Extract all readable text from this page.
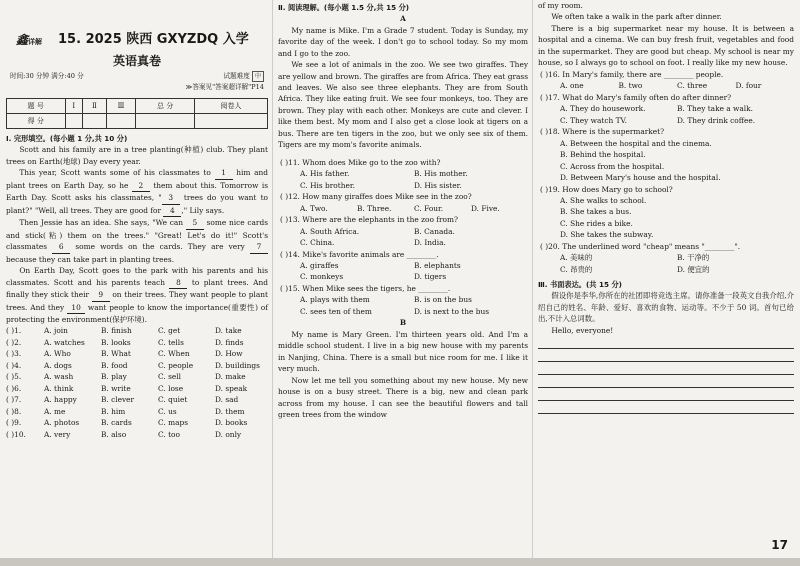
鑫详解 15. 2025 陕西 GXYZDQ 入学
英语真卷
时间:30 分钟 满分:40 分	试题难度 中
≫ 答案见"答案超详解"P14
题 号	Ⅰ	Ⅱ	Ⅲ	总 分	阅卷人
得 分					
Ⅰ. 完形填空。(每小题 1 分,共 10 分)

Scott and his family are in a tree planting(种植) club. They plant trees on Earth(地球) Day every year.

This year, Scott wants some of his classmates to 1 him and plant trees on Earth Day, so he 2 them about this. Tomorrow is Earth Day. Scott asks his classmates, " 3 trees do you want to plant?" "Well, all trees. They are good for 4 ," Lily says.

Then Jessie has an idea. She says, "We can 5 some nice cards and stick(粘) them on the trees." "Great! Let's do it!" Scott's classmates 6 some words on the cards. They are very 7 because they can take part in planting trees.

On Earth Day, Scott goes to the park with his parents and his classmates. Scott and his parents teach 8 to plant trees. And finally they stick their 9 on their trees. They want people to plant trees. And they 10 want people to know the importance(重要性) of protecting the environment(保护环境).

( )1.	A. join	B. finish	C. get	D. take
( )2.	A. watches	B. looks	C. tells	D. finds
( )3.	A. Who	B. What	C. When	D. How
( )4.	A. dogs	B. food	C. people	D. buildings
( )5.	A. wash	B. play	C. sell	D. make
( )6.	A. think	B. write	C. lose	D. speak
( )7.	A. happy	B. clever	C. quiet	D. sad
( )8.	A. me	B. him	C. us	D. them
( )9.	A. photos	B. cards	C. maps	D. books
( )10.	A. very	B. also	C. too	D. only
Ⅱ. 阅读理解。(每小题 1.5 分,共 15 分)
A

My name is Mike. I'm a Grade 7 student. Today is Sunday, my favorite day of the week. I don't go to school today. So my mom and I go to the zoo.

We see a lot of animals in the zoo. We see two giraffes. They are yellow and brown. The giraffes are from Africa. They eat grass and leaves. We also see three elephants. They are from South Africa. They like eating fruit. We see four monkeys, too. They are brown. They play with each other. Monkeys are cute and clever. I like them best. My mom and I also get a close look at tigers on a bus. There are ten tigers in the zoo, but we only see six of them. Tigers are my mom's favorite animals.

( )11. Whom does Mike go to the zoo with?

A. His father.	B. His mother.
C. His brother.	D. His sister.

( )12. How many giraffes does Mike see in the zoo?

A. Two.	B. Three.	C. Four.	D. Five.

( )13. Where are the elephants in the zoo from?

A. South Africa.	B. Canada.
C. China.	D. India.

( )14. Mike's favorite animals are ________.

A. giraffes	B. elephants
C. monkeys	D. tigers

( )15. When Mike sees the tigers, he ________.

A. plays with them	B. is on the bus
C. sees ten of them	D. is next to the bus
B

My name is Mary Green. I'm thirteen years old. And I'm a middle school student. I live in a big new house with my parents in Nanjing, China. There is a small but nice room for me. I like it very much.

Now let me tell you something about my new house. My new house is on a busy street. There is a big, new and clean park across from my house. I can see the beautiful flowers and tall green trees from the window

of my room.

We often take a walk in the park after dinner.

There is a big supermarket near my house. It is between a hospital and a cinema. We can buy fresh fruit, vegetables and food in the supermarket. They are good but cheap. My school is near my house, so I always go to school on foot. I really like my new house.

( )16. In Mary's family, there are ________ people.

A. one	B. two	C. three	D. four

( )17. What do Mary's family often do after dinner?

A. They do housework.	B. They take a walk.
C. They watch TV.	D. They drink coffee.

( )18. Where is the supermarket?

A. Between the hospital and the cinema.
B. Behind the hospital.
C. Across from the hospital.
D. Between Mary's house and the hospital.

( )19. How does Mary go to school?

A. She walks to school.
B. She takes a bus.
C. She rides a bike.
D. She takes the subway.

( )20. The underlined word "cheap" means "________".

A. 美味的	B. 干净的
C. 昂贵的	D. 便宜的
Ⅲ. 书面表达。(共 15 分)

假设你是李华,你所在的社团即将竞选主席。请你准备一段英文自我介绍,介绍自己的姓名、年龄、爱好、喜欢的食物、运动等。不少于 50 词。首句已给出,不计入总词数。

Hello, everyone!

17
